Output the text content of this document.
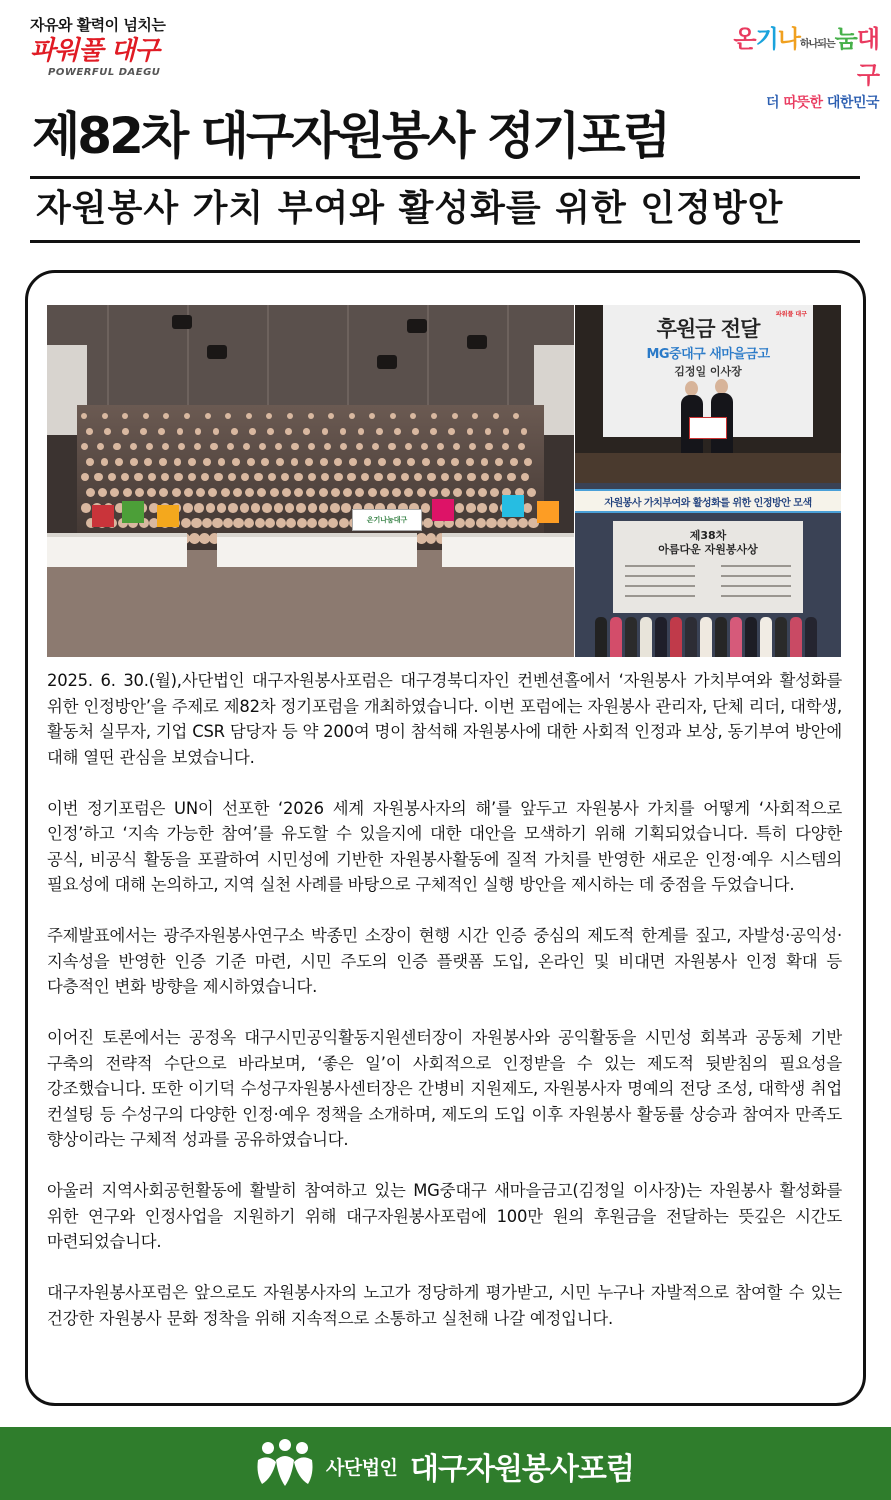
자유와 활력이 넘치는
파워풀 대구
POWERFUL DAEGU
온기나하나되는눔대구
더 따뜻한 대한민국
제82차 대구자원봉사 정기포럼
자원봉사 가치 부여와 활성화를 위한 인정방안
온기나눔대구
파워풀 대구
후원금 전달
MG중대구 새마을금고
김정일 이사장
자원봉사 가치부여와 활성화를 위한 인정방안 모색
제38차
아름다운 자원봉사상

2025. 6. 30.(월),사단법인 대구자원봉사포럼은 대구경북디자인 컨벤션홀에서 ‘자원봉사 가치부여와 활성화를 위한 인정방안’을 주제로 제82차 정기포럼을 개최하였습니다. 이번 포럼에는 자원봉사 관리자, 단체 리더, 대학생, 활동처 실무자, 기업 CSR 담당자 등 약 200여 명이 참석해 자원봉사에 대한 사회적 인정과 보상, 동기부여 방안에 대해 열띤 관심을 보였습니다.

이번 정기포럼은 UN이 선포한 ‘2026 세계 자원봉사자의 해’를 앞두고 자원봉사 가치를 어떻게 ‘사회적으로 인정’하고 ‘지속 가능한 참여’를 유도할 수 있을지에 대한 대안을 모색하기 위해 기획되었습니다. 특히 다양한 공식, 비공식 활동을 포괄하여 시민성에 기반한 자원봉사활동에 질적 가치를 반영한 새로운 인정·예우 시스템의 필요성에 대해 논의하고, 지역 실천 사례를 바탕으로 구체적인 실행 방안을 제시하는 데 중점을 두었습니다.

주제발표에서는 광주자원봉사연구소 박종민 소장이 현행 시간 인증 중심의 제도적 한계를 짚고, 자발성·공익성·지속성을 반영한 인증 기준 마련, 시민 주도의 인증 플랫폼 도입, 온라인 및 비대면 자원봉사 인정 확대 등 다층적인 변화 방향을 제시하였습니다.

이어진 토론에서는 공정옥 대구시민공익활동지원센터장이 자원봉사와 공익활동을 시민성 회복과 공동체 기반 구축의 전략적 수단으로 바라보며, ‘좋은 일’이 사회적으로 인정받을 수 있는 제도적 뒷받침의 필요성을 강조했습니다. 또한 이기덕 수성구자원봉사센터장은 간병비 지원제도, 자원봉사자 명예의 전당 조성, 대학생 취업 컨설팅 등 수성구의 다양한 인정·예우 정책을 소개하며, 제도의 도입 이후 자원봉사 활동률 상승과 참여자 만족도 향상이라는 구체적 성과를 공유하였습니다.

아울러 지역사회공헌활동에 활발히 참여하고 있는 MG중대구 새마을금고(김정일 이사장)는 자원봉사 활성화를 위한 연구와 인정사업을 지원하기 위해 대구자원봉사포럼에 100만 원의 후원금을 전달하는 뜻깊은 시간도 마련되었습니다.

대구자원봉사포럼은 앞으로도 자원봉사자의 노고가 정당하게 평가받고, 시민 누구나 자발적으로 참여할 수 있는 건강한 자원봉사 문화 정착을 위해 지속적으로 소통하고 실천해 나갈 예정입니다.

사단법인 대구자원봉사포럼
